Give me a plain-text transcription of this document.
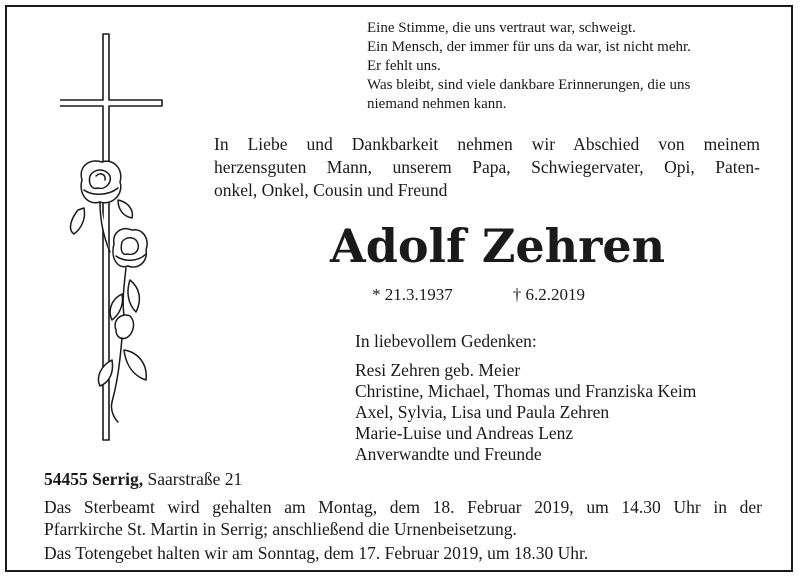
Eine Stimme, die uns vertraut war, schweigt.
Ein Mensch, der immer für uns da war, ist nicht mehr.
Er fehlt uns.
Was bleibt, sind viele dankbare Erinnerungen, die uns
niemand nehmen kann.
In Liebe und Dankbarkeit nehmen wir Abschied von meinem
herzensguten Mann, unserem Papa, Schwiegervater, Opi, Paten-
onkel, Onkel, Cousin und Freund
Adolf Zehren
* 21.3.1937	† 6.2.2019
In liebevollem Gedenken:
Resi Zehren geb. Meier
Christine, Michael, Thomas und Franziska Keim
Axel, Sylvia, Lisa und Paula Zehren
Marie-Luise und Andreas Lenz
Anverwandte und Freunde
54455 Serrig, Saarstraße 21
Das Sterbeamt wird gehalten am Montag, dem 18. Februar 2019, um 14.30 Uhr in der
Pfarrkirche St. Martin in Serrig; anschließend die Urnenbeisetzung.
Das Totengebet halten wir am Sonntag, dem 17. Februar 2019, um 18.30 Uhr.
